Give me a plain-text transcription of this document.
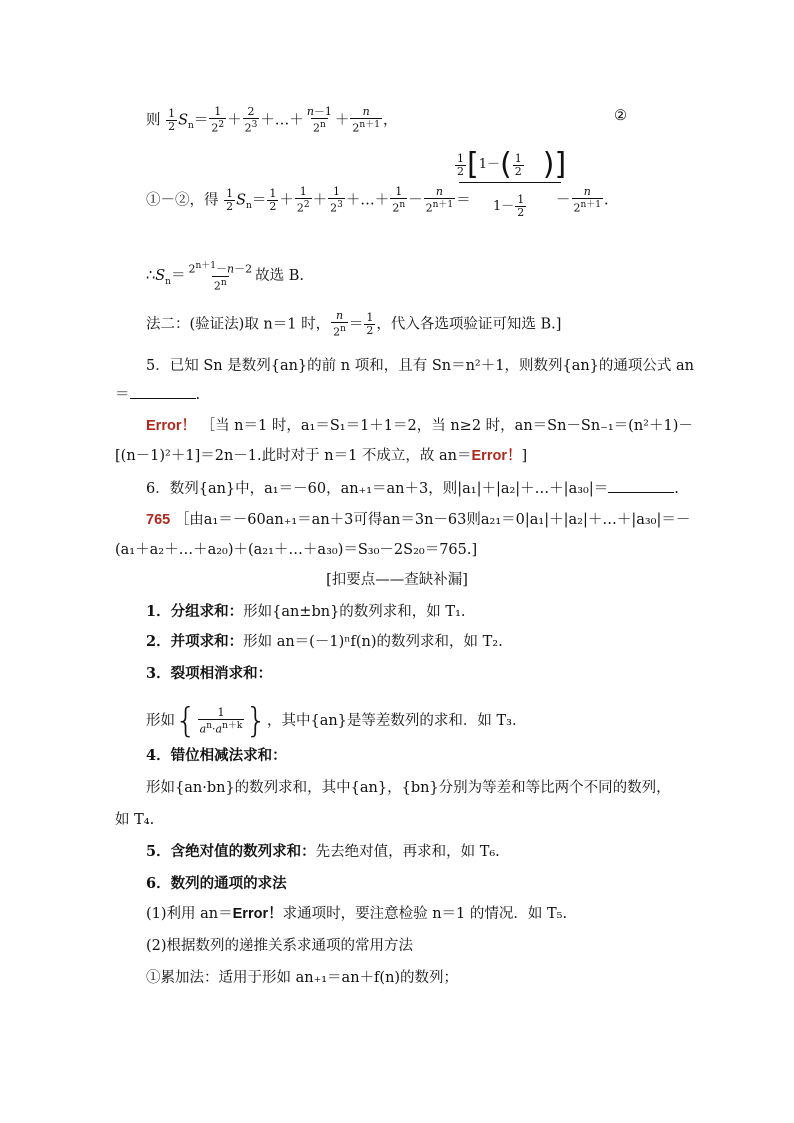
则 $\frac{1}{2} S_n= \frac{1}{2^2} + \frac{2}{2^3}$ ＋…＋ $\frac{n-1}{2^n} + \frac{n}{2^{n+1}}$ ，	②
①－②，得 $\frac{1}{2} S_n= \frac{1}{2} + \frac{1}{2^2} + \frac{1}{2^3}$ ＋…＋ $\frac{1}{2^n} - \frac{n}{2^{n+1}}$ ＝
$\frac{1}{2}$ [ 1－ ( $\frac{1}{2}$ ) ]
$1- \frac{1}{2} - \frac{n}{2^{n+1}}$ .
$\therefore S_n= \frac{2^{n+1}-n-2}{2^n}$ 故选 B.
法二：(验证法)取 n＝1 时， $\frac{n}{2^n} = \frac{1}{2}$ ，代入各选项验证可知选 B.]
5．已知 Sn 是数列{an}的前 n 项和，且有 Sn＝n²＋1，则数列{an}的通项公式 an
＝	.
Error！ ［当 n＝1 时，a₁＝S₁＝1＋1＝2，当 n≥2 时，an＝Sn－Sn₋₁＝(n²＋1)－
[(n－1)²＋1]＝2n－1.此时对于 n＝1 不成立，故 an＝Error！]
6．数列{an}中，a₁＝－60，an₊₁＝an＋3，则|a₁|＋|a₂|＋…＋|a₃₀|＝	.
765 ［由a₁＝－60an₊₁＝an＋3可得an＝3n－63则a₂₁＝0|a₁|＋|a₂|＋…＋|a₃₀|＝－
(a₁＋a₂＋…＋a₂₀)＋(a₂₁＋…＋a₃₀)＝S₃₀－2S₂₀＝765.]
[扣要点——查缺补漏]
1．分组求和：形如{an±bn}的数列求和，如 T₁.
2．并项求和：形如 an＝(－1)ⁿf(n)的数列求和，如 T₂.
3．裂项相消求和：
形如 { $\frac{1}{a^n\cdot a^{n+k}}$ } ，其中{an}是等差数列的求和．如 T₃.
4．错位相减法求和：
形如{an·bn}的数列求和，其中{an}，{bn}分别为等差和等比两个不同的数列，
如 T₄.
5．含绝对值的数列求和：先去绝对值，再求和，如 T₆.
6．数列的通项的求法
(1)利用 an＝Error！求通项时，要注意检验 n＝1 的情况．如 T₅.
(2)根据数列的递推关系求通项的常用方法
①累加法：适用于形如 an₊₁＝an＋f(n)的数列；
